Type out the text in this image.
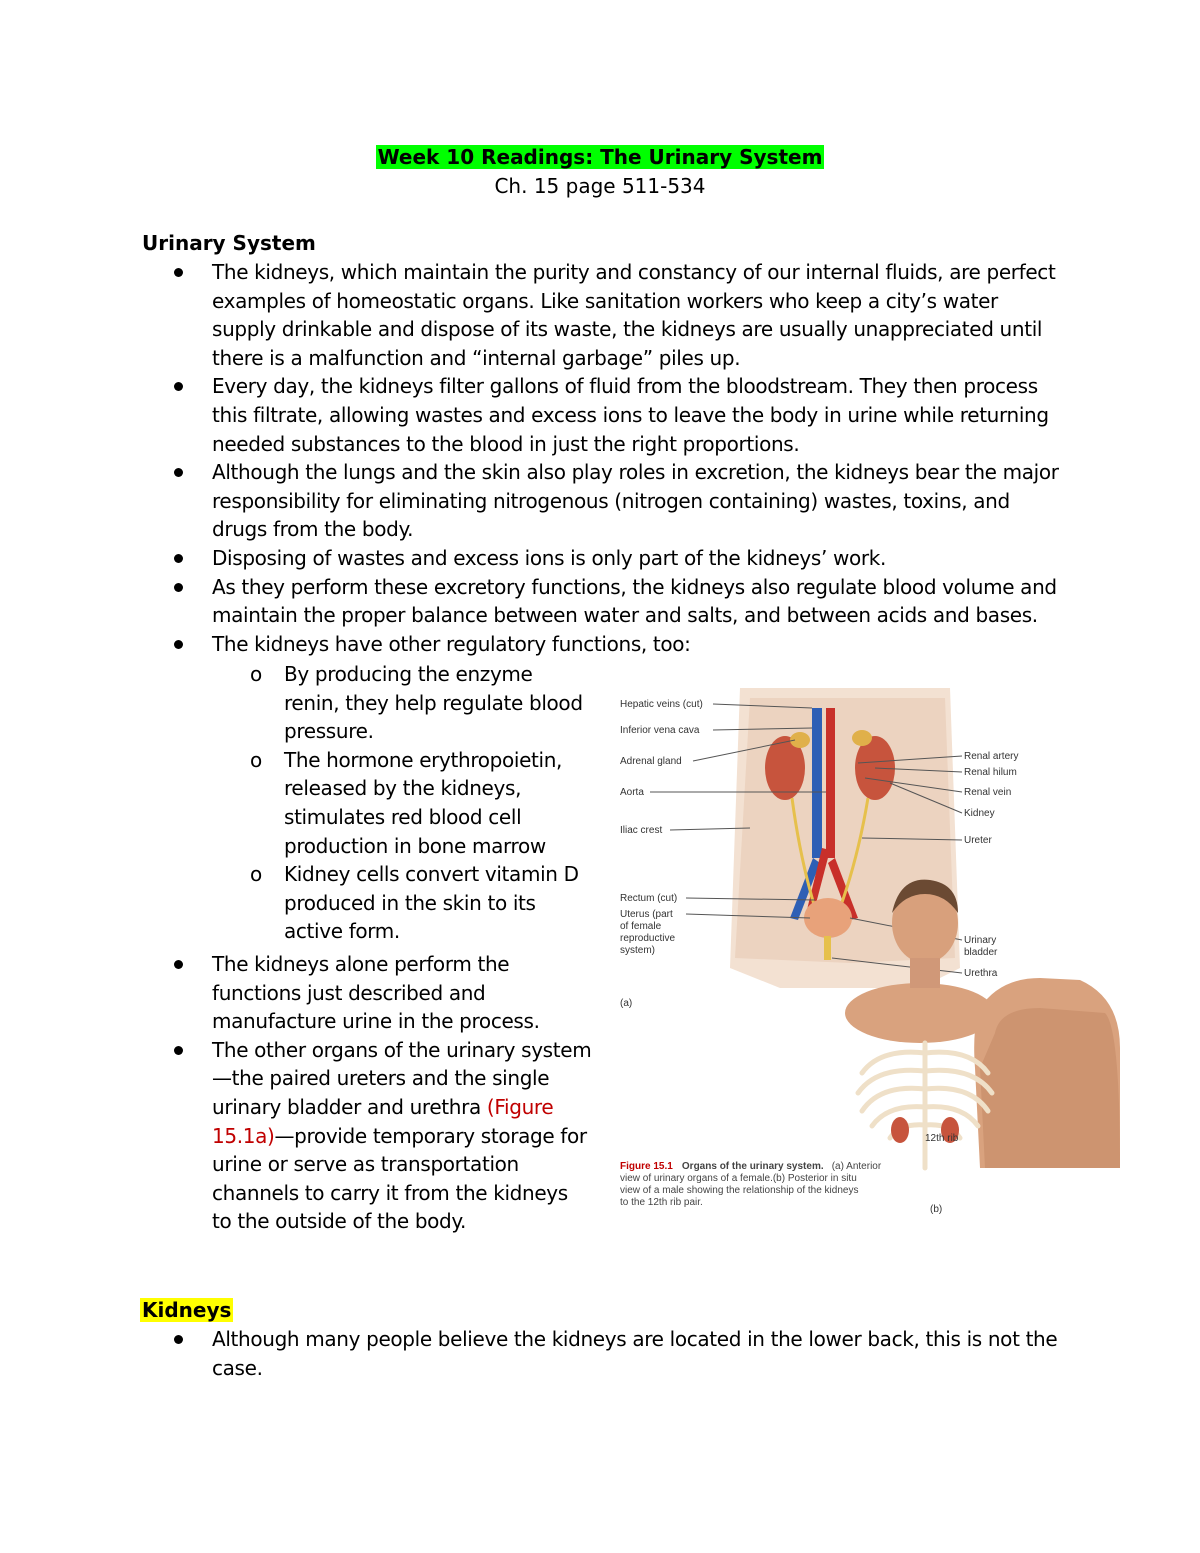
Week 10 Readings: The Urinary System
Ch. 15 page 511-534
Urinary System
The kidneys, which maintain the purity and constancy of our internal fluids, are perfect examples of homeostatic organs. Like sanitation workers who keep a city’s water supply drinkable and dispose of its waste, the kidneys are usually unappreciated until there is a malfunction and “internal garbage” piles up.
Every day, the kidneys filter gallons of fluid from the bloodstream. They then process this filtrate, allowing wastes and excess ions to leave the body in urine while returning needed substances to the blood in just the right proportions.
Although the lungs and the skin also play roles in excretion, the kidneys bear the major responsibility for eliminating nitrogenous (nitrogen containing) wastes, toxins, and drugs from the body.
Disposing of wastes and excess ions is only part of the kidneys’ work.
As they perform these excretory functions, the kidneys also regulate blood volume and maintain the proper balance between water and salts, and between acids and bases.
The kidneys have other regulatory functions, too:
o By producing the enzyme renin, they help regulate blood pressure.
o The hormone erythropoietin, released by the kidneys, stimulates red blood cell production in bone marrow
o Kidney cells convert vitamin D produced in the skin to its active form.
The kidneys alone perform the functions just described and manufacture urine in the process.
The other organs of the urinary system—the paired ureters and the single urinary bladder and urethra (Figure 15.1a)—provide temporary storage for urine or serve as transportation channels to carry it from the kidneys to the outside of the body.
Kidneys
Although many people believe the kidneys are located in the lower back, this is not the case.
Hepatic veins (cut)
Inferior vena cava
Adrenal gland
Aorta
Iliac crest
Rectum (cut)
Uterus (part
of female
reproductive
system)
Renal artery
Renal hilum
Renal vein
Kidney
Ureter
Urinary
bladder
Urethra
(a)
12th rib
(b)
Figure 15.1 Organs of the urinary system. (a) Anterior
view of urinary organs of a female.(b) Posterior in situ
view of a male showing the relationship of the kidneys
to the 12th rib pair.
